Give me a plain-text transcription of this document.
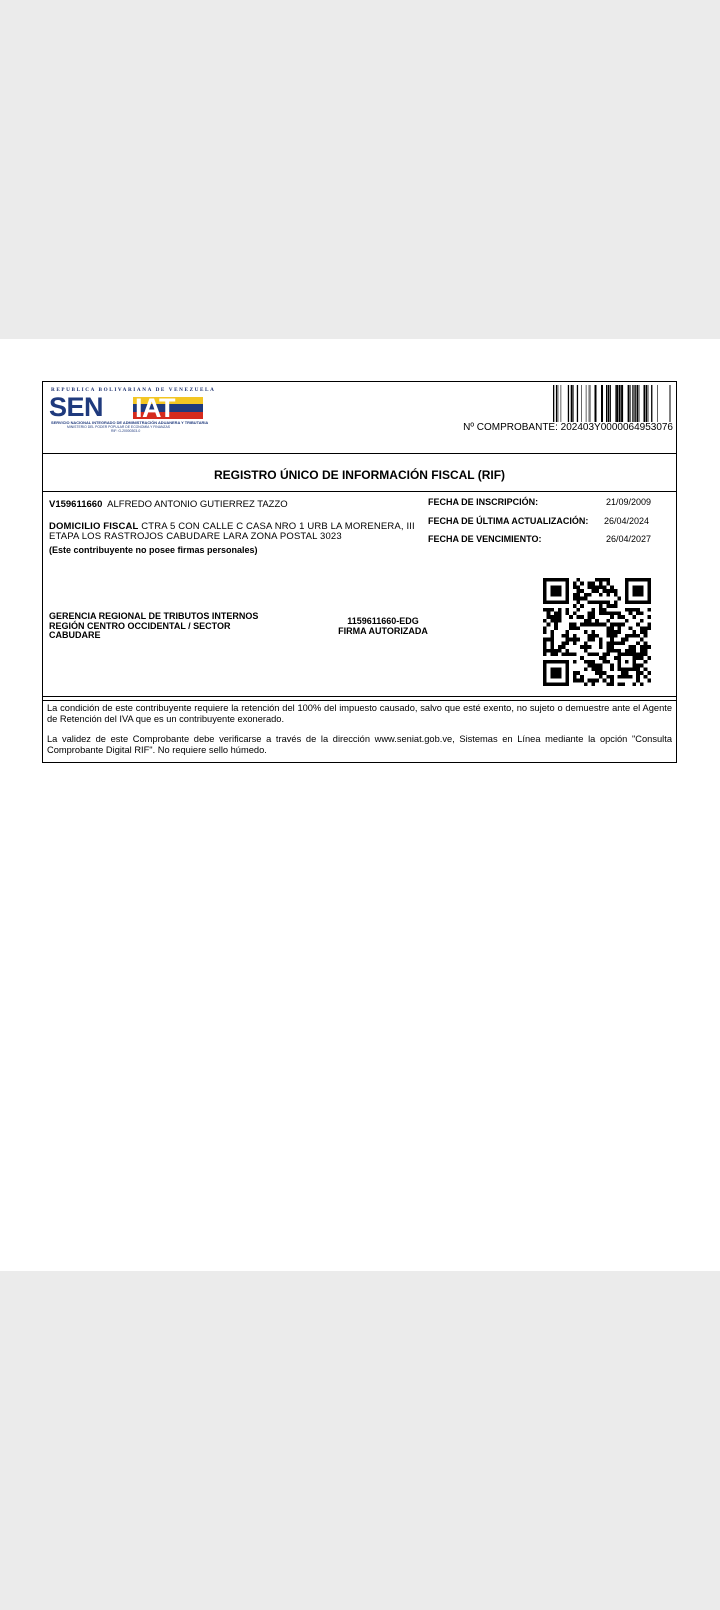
REPUBLICA BOLIVARIANA DE VENEZUELA
SEN IAT
SERVICIO NACIONAL INTEGRADO DE ADMINISTRACIÓN ADUANERA Y TRIBUTARIA
MINISTERIO DEL PODER POPULAR DE ECONOMÍA Y FINANZAS
RIF: G-20000303-0	Nº COMPROBANTE: 202403Y0000064953076
REGISTRO ÚNICO DE INFORMACIÓN FISCAL (RIF)
V159611660 ALFREDO ANTONIO GUTIERREZ TAZZO
DOMICILIO FISCAL CTRA 5 CON CALLE C CASA NRO 1 URB LA MORENERA, III ETAPA LOS RASTROJOS CABUDARE LARA ZONA POSTAL 3023
(Este contribuyente no posee firmas personales)
FECHA DE INSCRIPCIÓN:	21/09/2009
FECHA DE ÚLTIMA ACTUALIZACIÓN: 26/04/2024
FECHA DE VENCIMIENTO:	26/04/2027
GERENCIA REGIONAL DE TRIBUTOS INTERNOS REGIÓN CENTRO OCCIDENTAL / SECTOR CABUDARE
1159611660-EDG
FIRMA AUTORIZADA

La condición de este contribuyente requiere la retención del 100% del impuesto causado, salvo que esté exento, no sujeto o demuestre ante el Agente de Retención del IVA que es un contribuyente exonerado.

La validez de este Comprobante debe verificarse a través de la dirección www.seniat.gob.ve, Sistemas en Línea mediante la opción "Consulta Comprobante Digital RIF". No requiere sello húmedo.
